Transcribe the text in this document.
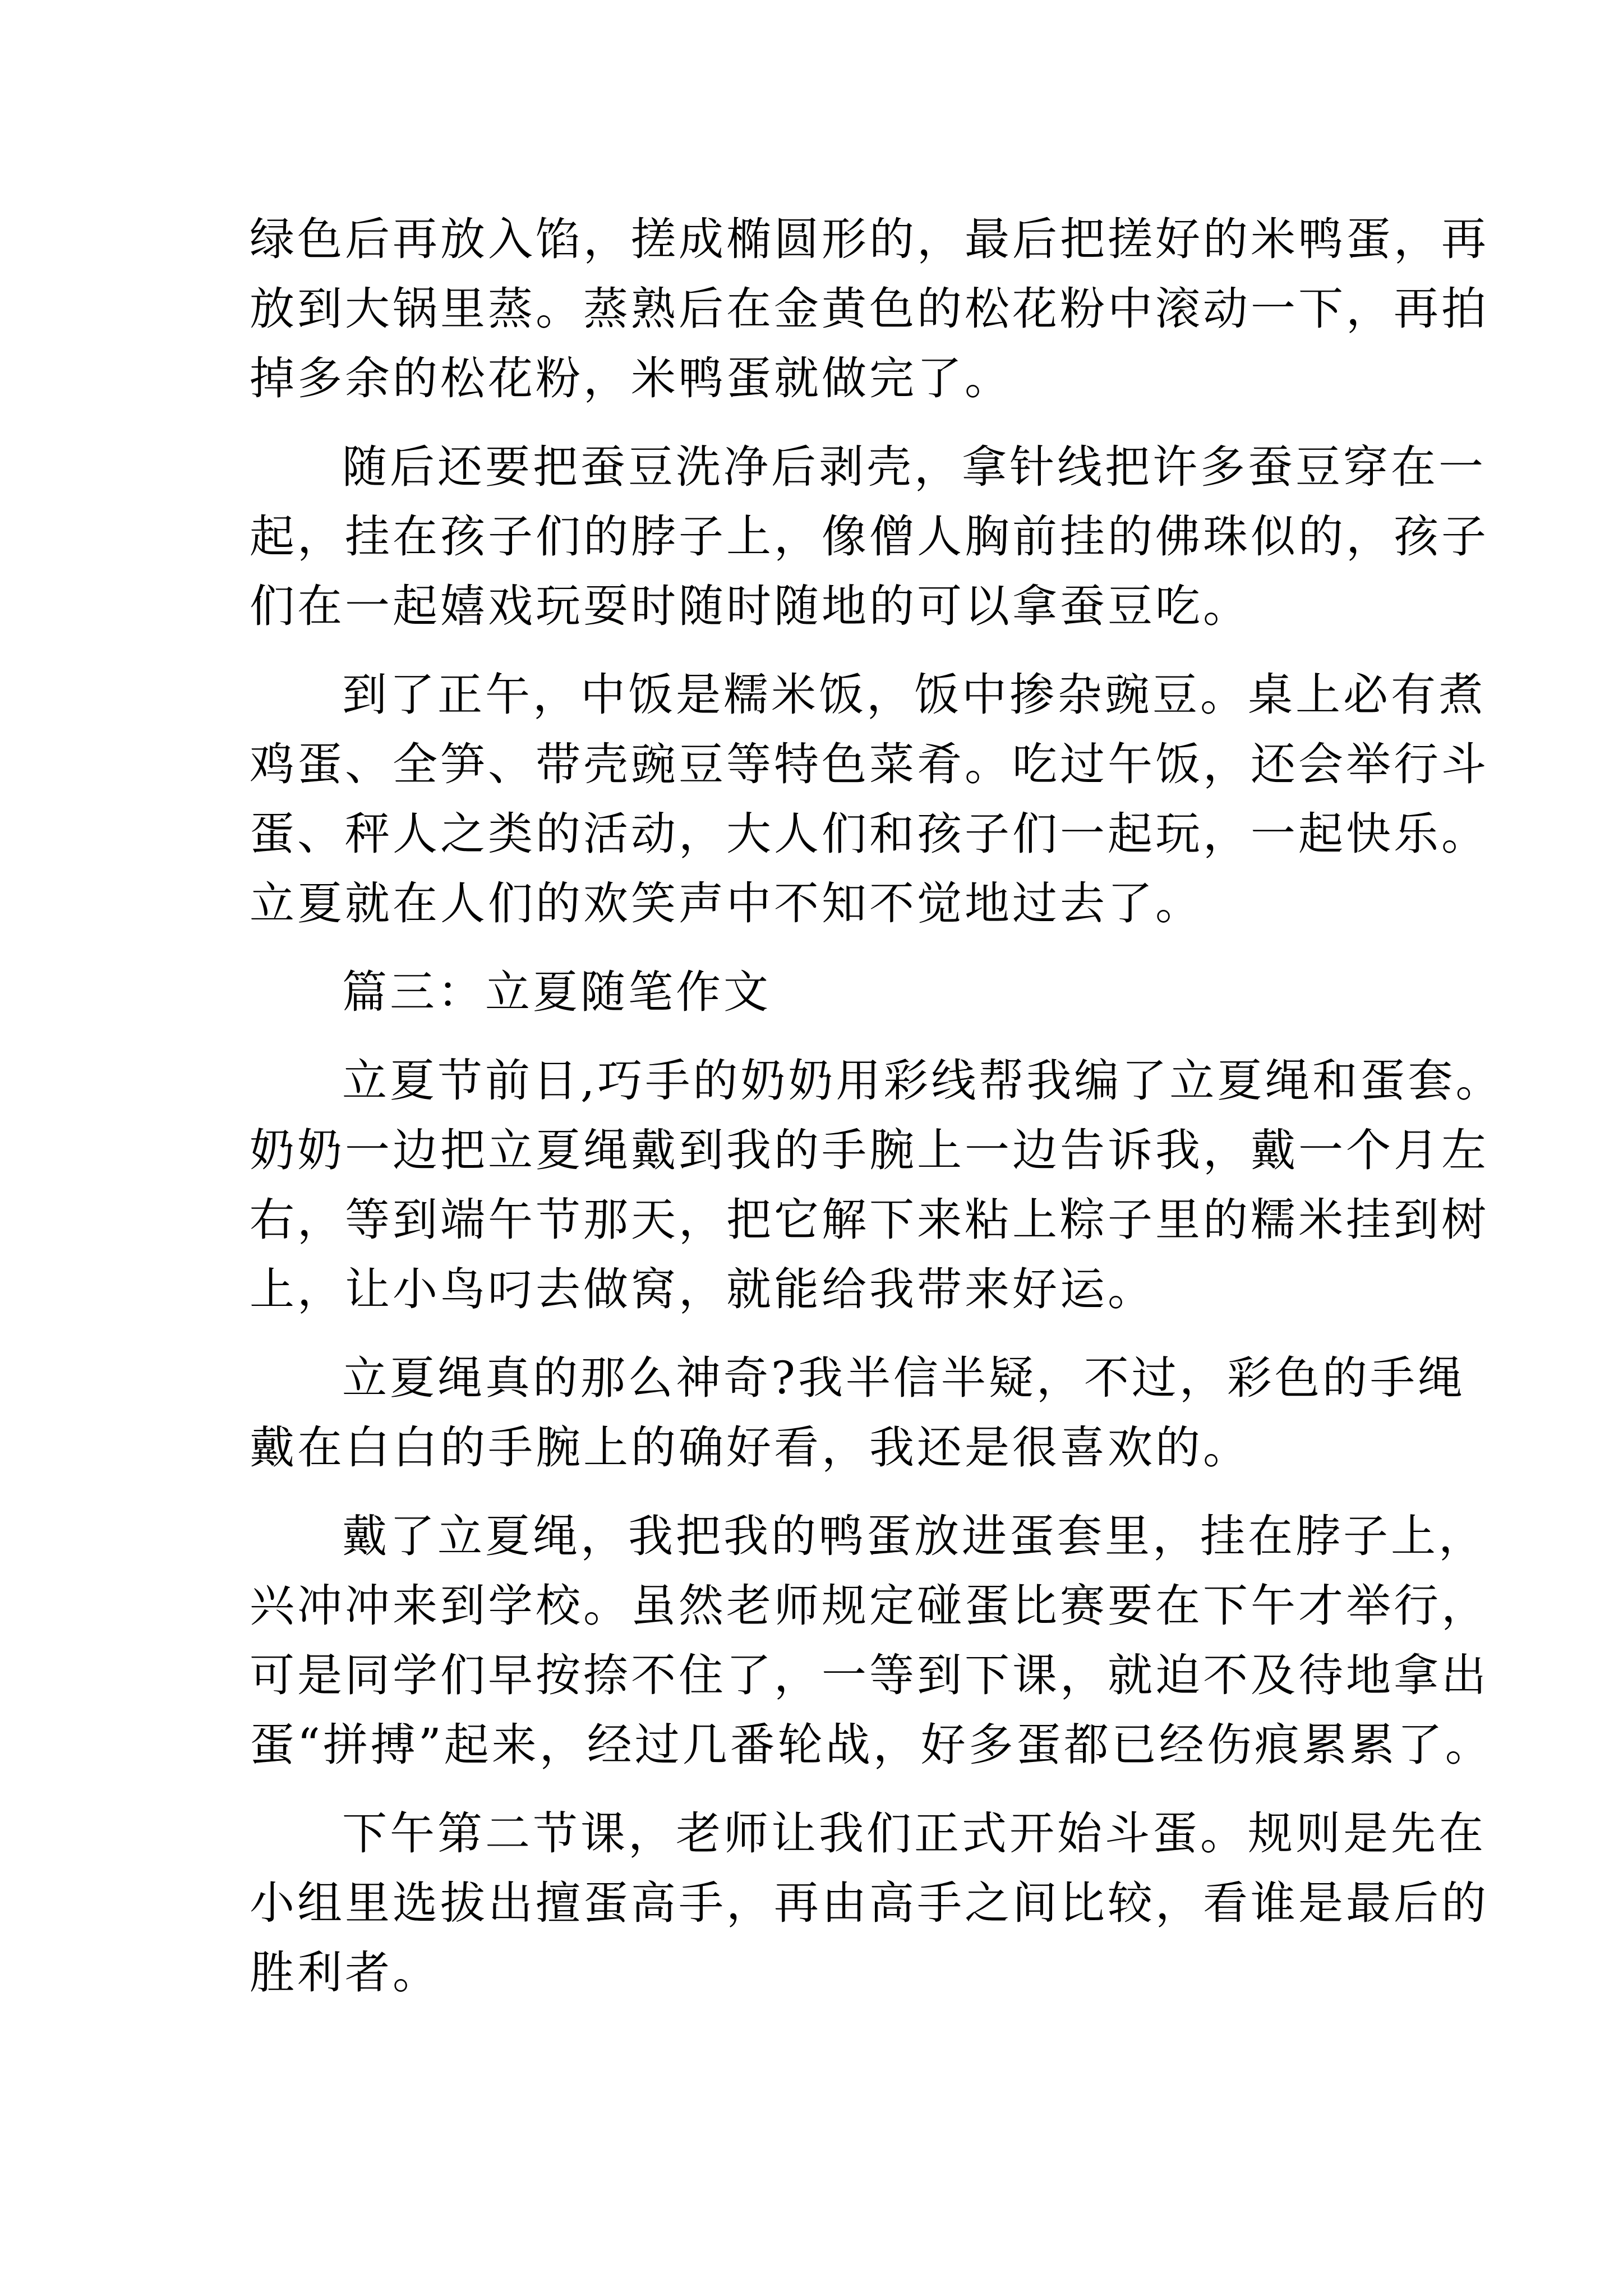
绿色后再放入馅，搓成椭圆形的，最后把搓好的米鸭蛋，再
放到大锅里蒸。蒸熟后在金黄色的松花粉中滚动一下，再拍
掉多余的松花粉，米鸭蛋就做完了。
随后还要把蚕豆洗净后剥壳，拿针线把许多蚕豆穿在一
起，挂在孩子们的脖子上，像僧人胸前挂的佛珠似的，孩子
们在一起嬉戏玩耍时随时随地的可以拿蚕豆吃。
到了正午，中饭是糯米饭，饭中掺杂豌豆。桌上必有煮
鸡蛋、全笋、带壳豌豆等特色菜肴。吃过午饭，还会举行斗
蛋、秤人之类的活动，大人们和孩子们一起玩，一起快乐。
立夏就在人们的欢笑声中不知不觉地过去了。
篇三：立夏随笔作文
立夏节前日,巧手的奶奶用彩线帮我编了立夏绳和蛋套。
奶奶一边把立夏绳戴到我的手腕上一边告诉我，戴一个月左
右，等到端午节那天，把它解下来粘上粽子里的糯米挂到树
上，让小鸟叼去做窝，就能给我带来好运。
立夏绳真的那么神奇?我半信半疑，不过，彩色的手绳
戴在白白的手腕上的确好看，我还是很喜欢的。
戴了立夏绳，我把我的鸭蛋放进蛋套里，挂在脖子上，
兴冲冲来到学校。虽然老师规定碰蛋比赛要在下午才举行，
可是同学们早按捺不住了，一等到下课，就迫不及待地拿出
蛋“拼搏”起来，经过几番轮战，好多蛋都已经伤痕累累了。
下午第二节课，老师让我们正式开始斗蛋。规则是先在
小组里选拔出擅蛋高手，再由高手之间比较，看谁是最后的
胜利者。
